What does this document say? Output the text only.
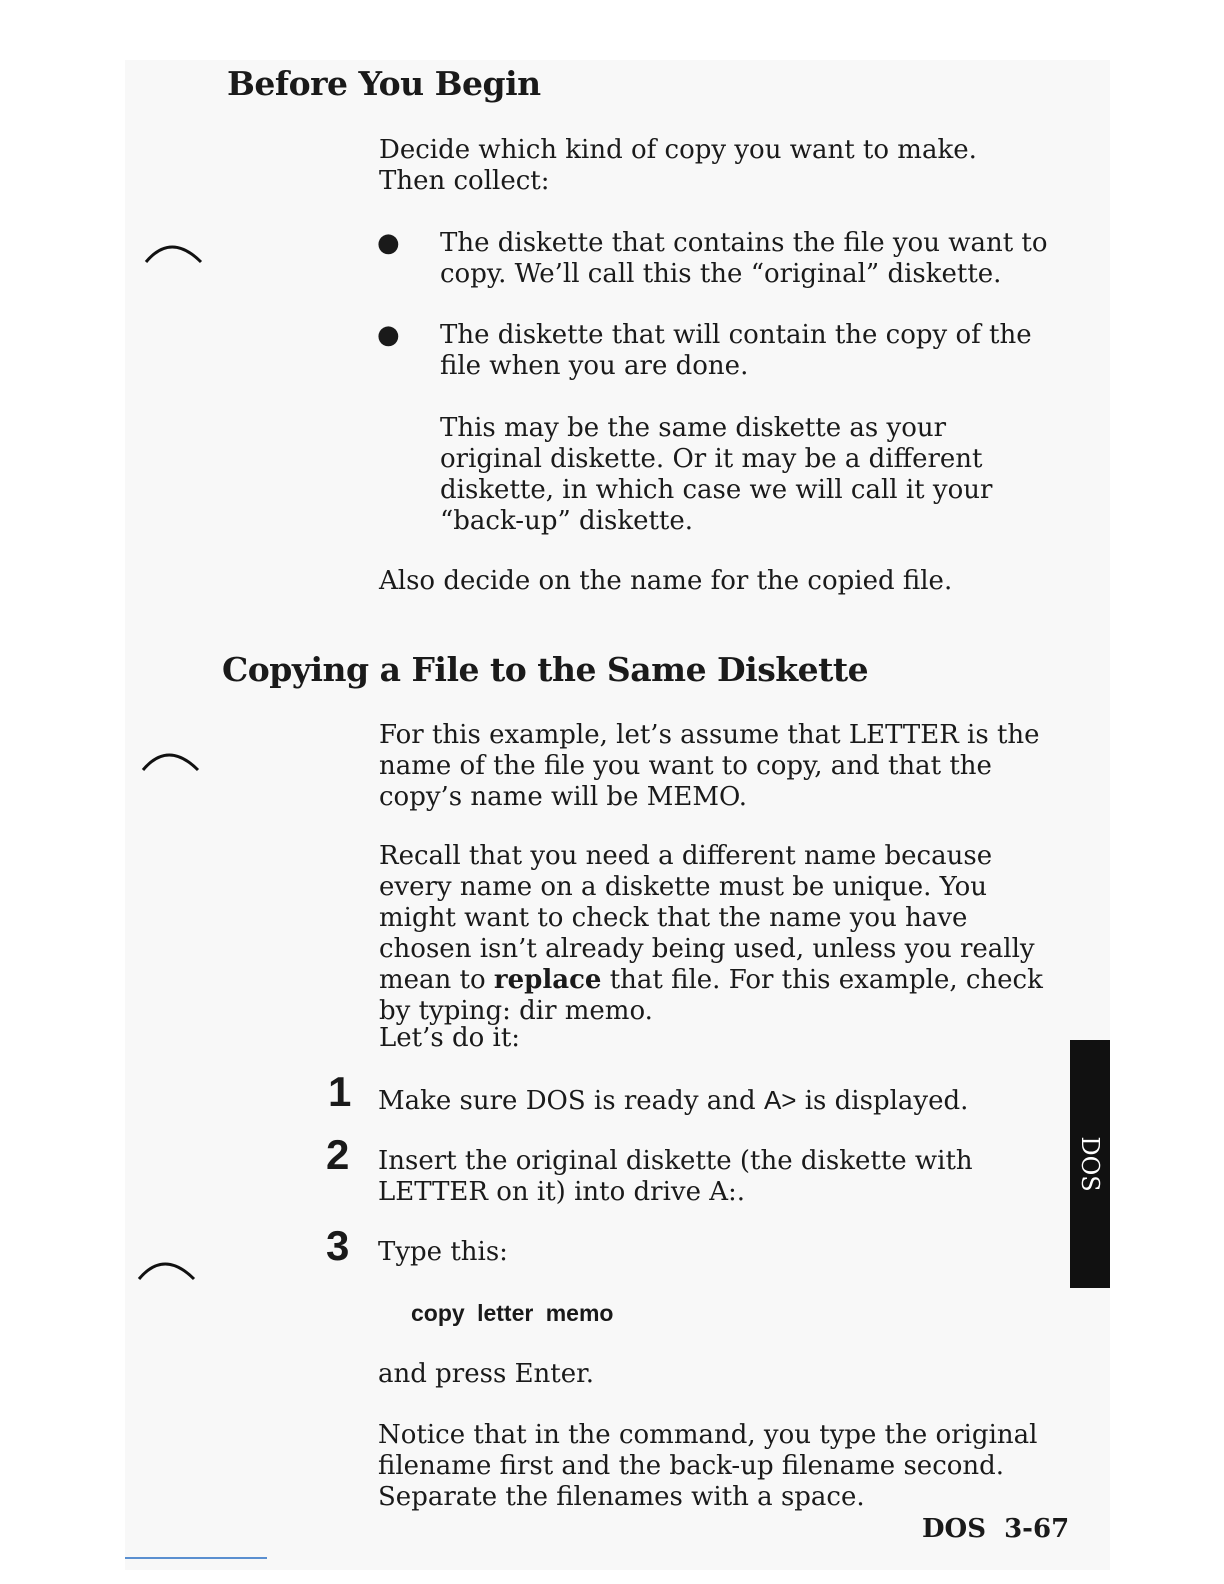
Before You Begin

Decide which kind of copy you want to make. Then collect:

● The diskette that contains the file you want to copy. We’ll call this the “original” diskette.

● The diskette that will contain the copy of the file when you are done.

This may be the same diskette as your original diskette. Or it may be a different diskette, in which case we will call it your “back-up” diskette.

Also decide on the name for the copied file.

Copying a File to the Same Diskette

For this example, let’s assume that LETTER is the name of the file you want to copy, and that the copy’s name will be MEMO.

Recall that you need a different name because every name on a diskette must be unique. You might want to check that the name you have chosen isn’t already being used, unless you really mean to replace that file. For this example, check by typing: dir memo.

Let’s do it:

1 Make sure DOS is ready and A> is displayed.

2 Insert the original diskette (the diskette with LETTER on it) into drive A:.

3 Type this:

copy letter memo

and press Enter.

Notice that in the command, you type the original filename first and the back-up filename second. Separate the filenames with a space.

DOS

DOS 3-67
